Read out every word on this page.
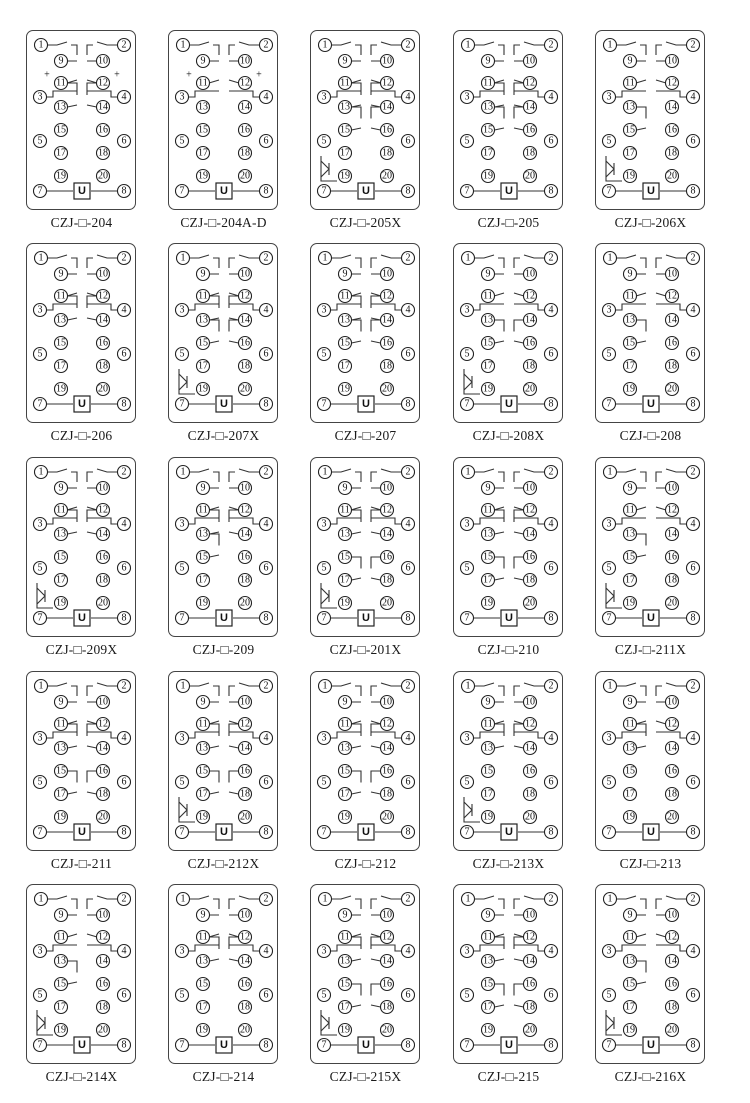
+	+
1	2
3	4
5	6
7	8
9	10
11	12
13	14
15	16
17	18
19	20
U
CZJ-□-204
+	+
1	2
3	4
5	6
7	8
9	10
11	12
13	14
15	16
17	18
19	20
U
CZJ-□-204A-D
1	2
3	4
5	6
7	8
9	10
11	12
13	14
15	16
17	18
19	20
U
CZJ-□-205X
1	2
3	4
5	6
7	8
9	10
11	12
13	14
15	16
17	18
19	20
U
CZJ-□-205
1	2
3	4
5	6
7	8
9	10
11	12
13	14
15	16
17	18
19	20
U
CZJ-□-206X
1	2
3	4
5	6
7	8
9	10
11	12
13	14
15	16
17	18
19	20
U
CZJ-□-206
1	2
3	4
5	6
7	8
9	10
11	12
13	14
15	16
17	18
19	20
U
CZJ-□-207X
1	2
3	4
5	6
7	8
9	10
11	12
13	14
15	16
17	18
19	20
U
CZJ-□-207
1	2
3	4
5	6
7	8
9	10
11	12
13	14
15	16
17	18
19	20
U
CZJ-□-208X
1	2
3	4
5	6
7	8
9	10
11	12
13	14
15	16
17	18
19	20
U
CZJ-□-208
1	2
3	4
5	6
7	8
9	10
11	12
13	14
15	16
17	18
19	20
U
CZJ-□-209X
1	2
3	4
5	6
7	8
9	10
11	12
13	14
15	16
17	18
19	20
U
CZJ-□-209
1	2
3	4
5	6
7	8
9	10
11	12
13	14
15	16
17	18
19	20
U
CZJ-□-201X
1	2
3	4
5	6
7	8
9	10
11	12
13	14
15	16
17	18
19	20
U
CZJ-□-210
1	2
3	4
5	6
7	8
9	10
11	12
13	14
15	16
17	18
19	20
U
CZJ-□-211X
1	2
3	4
5	6
7	8
9	10
11	12
13	14
15	16
17	18
19	20
U
CZJ-□-211
1	2
3	4
5	6
7	8
9	10
11	12
13	14
15	16
17	18
19	20
U
CZJ-□-212X
1	2
3	4
5	6
7	8
9	10
11	12
13	14
15	16
17	18
19	20
U
CZJ-□-212
1	2
3	4
5	6
7	8
9	10
11	12
13	14
15	16
17	18
19	20
U
CZJ-□-213X
1	2
3	4
5	6
7	8
9	10
11	12
13	14
15	16
17	18
19	20
U
CZJ-□-213
1	2
3	4
5	6
7	8
9	10
11	12
13	14
15	16
17	18
19	20
U
CZJ-□-214X
1	2
3	4
5	6
7	8
9	10
11	12
13	14
15	16
17	18
19	20
U
CZJ-□-214
1	2
3	4
5	6
7	8
9	10
11	12
13	14
15	16
17	18
19	20
U
CZJ-□-215X
1	2
3	4
5	6
7	8
9	10
11	12
13	14
15	16
17	18
19	20
U
CZJ-□-215
1	2
3	4
5	6
7	8
9	10
11	12
13	14
15	16
17	18
19	20
U
CZJ-□-216X
